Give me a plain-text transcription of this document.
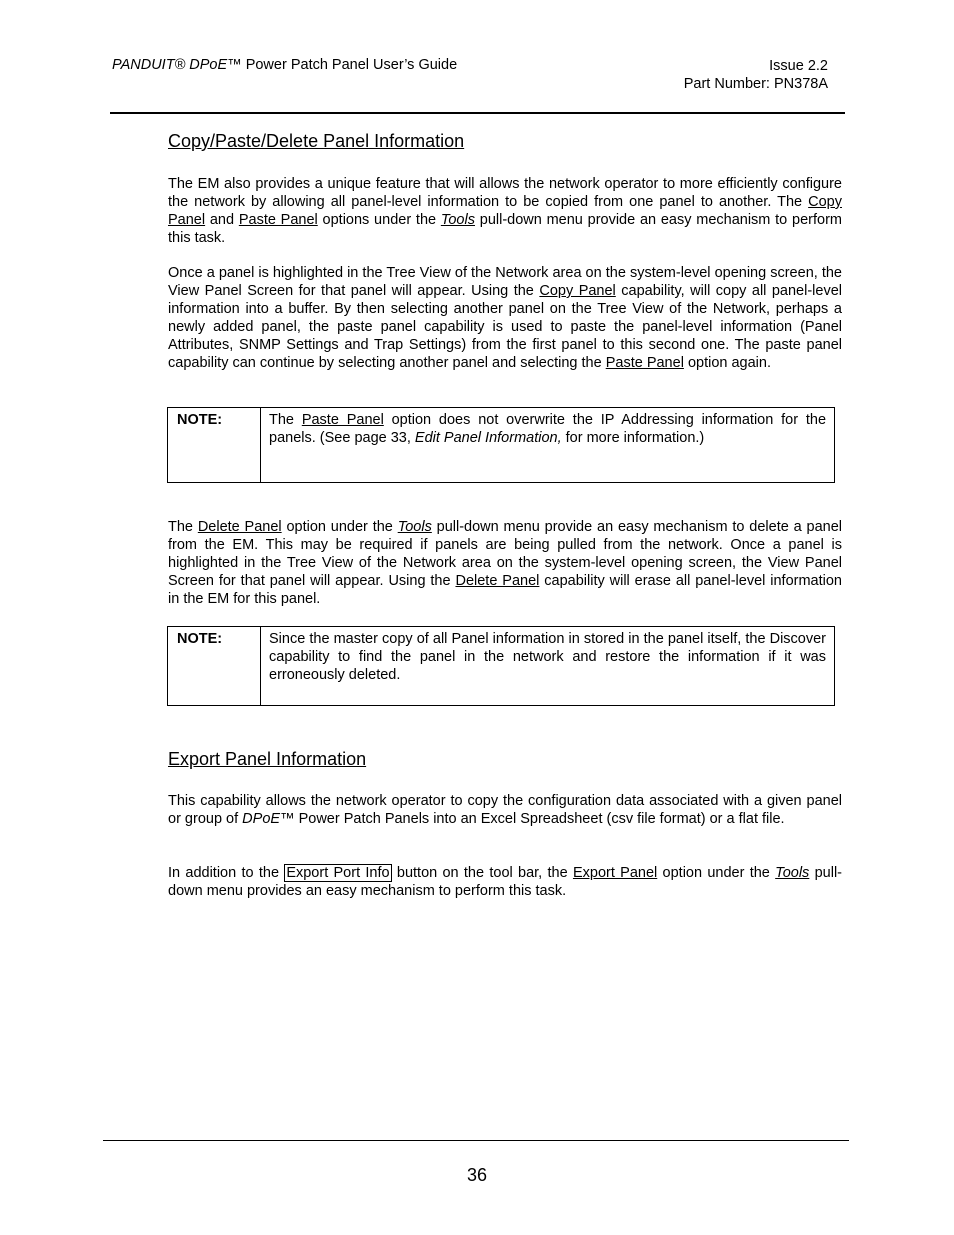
PANDUIT® DPoE™ Power Patch Panel User’s Guide	Issue 2.2
Part Number: PN378A
Copy/Paste/Delete Panel Information
The EM also provides a unique feature that will allows the network operator to more efficiently configure the network by allowing all panel-level information to be copied from one panel to another. The Copy Panel and Paste Panel options under the Tools pull-down menu provide an easy mechanism to perform this task.
Once a panel is highlighted in the Tree View of the Network area on the system-level opening screen, the View Panel Screen for that panel will appear. Using the Copy Panel capability, will copy all panel-level information into a buffer. By then selecting another panel on the Tree View of the Network, perhaps a newly added panel, the paste panel capability is used to paste the panel-level information (Panel Attributes, SNMP Settings and Trap Settings) from the first panel to this second one. The paste panel capability can continue by selecting another panel and selecting the Paste Panel option again.
NOTE:	The Paste Panel option does not overwrite the IP Addressing information for the panels. (See page 33, Edit Panel Information, for more information.)
The Delete Panel option under the Tools pull-down menu provide an easy mechanism to delete a panel from the EM. This may be required if panels are being pulled from the network. Once a panel is highlighted in the Tree View of the Network area on the system-level opening screen, the View Panel Screen for that panel will appear. Using the Delete Panel capability will erase all panel-level information in the EM for this panel.
NOTE:	Since the master copy of all Panel information in stored in the panel itself, the Discover capability to find the panel in the network and restore the information if it was erroneously deleted.
Export Panel Information
This capability allows the network operator to copy the configuration data associated with a given panel or group of DPoE™ Power Patch Panels into an Excel Spreadsheet (csv file format) or a flat file.
In addition to the Export Port Info button on the tool bar, the Export Panel option under the Tools pull-down menu provides an easy mechanism to perform this task.
36
